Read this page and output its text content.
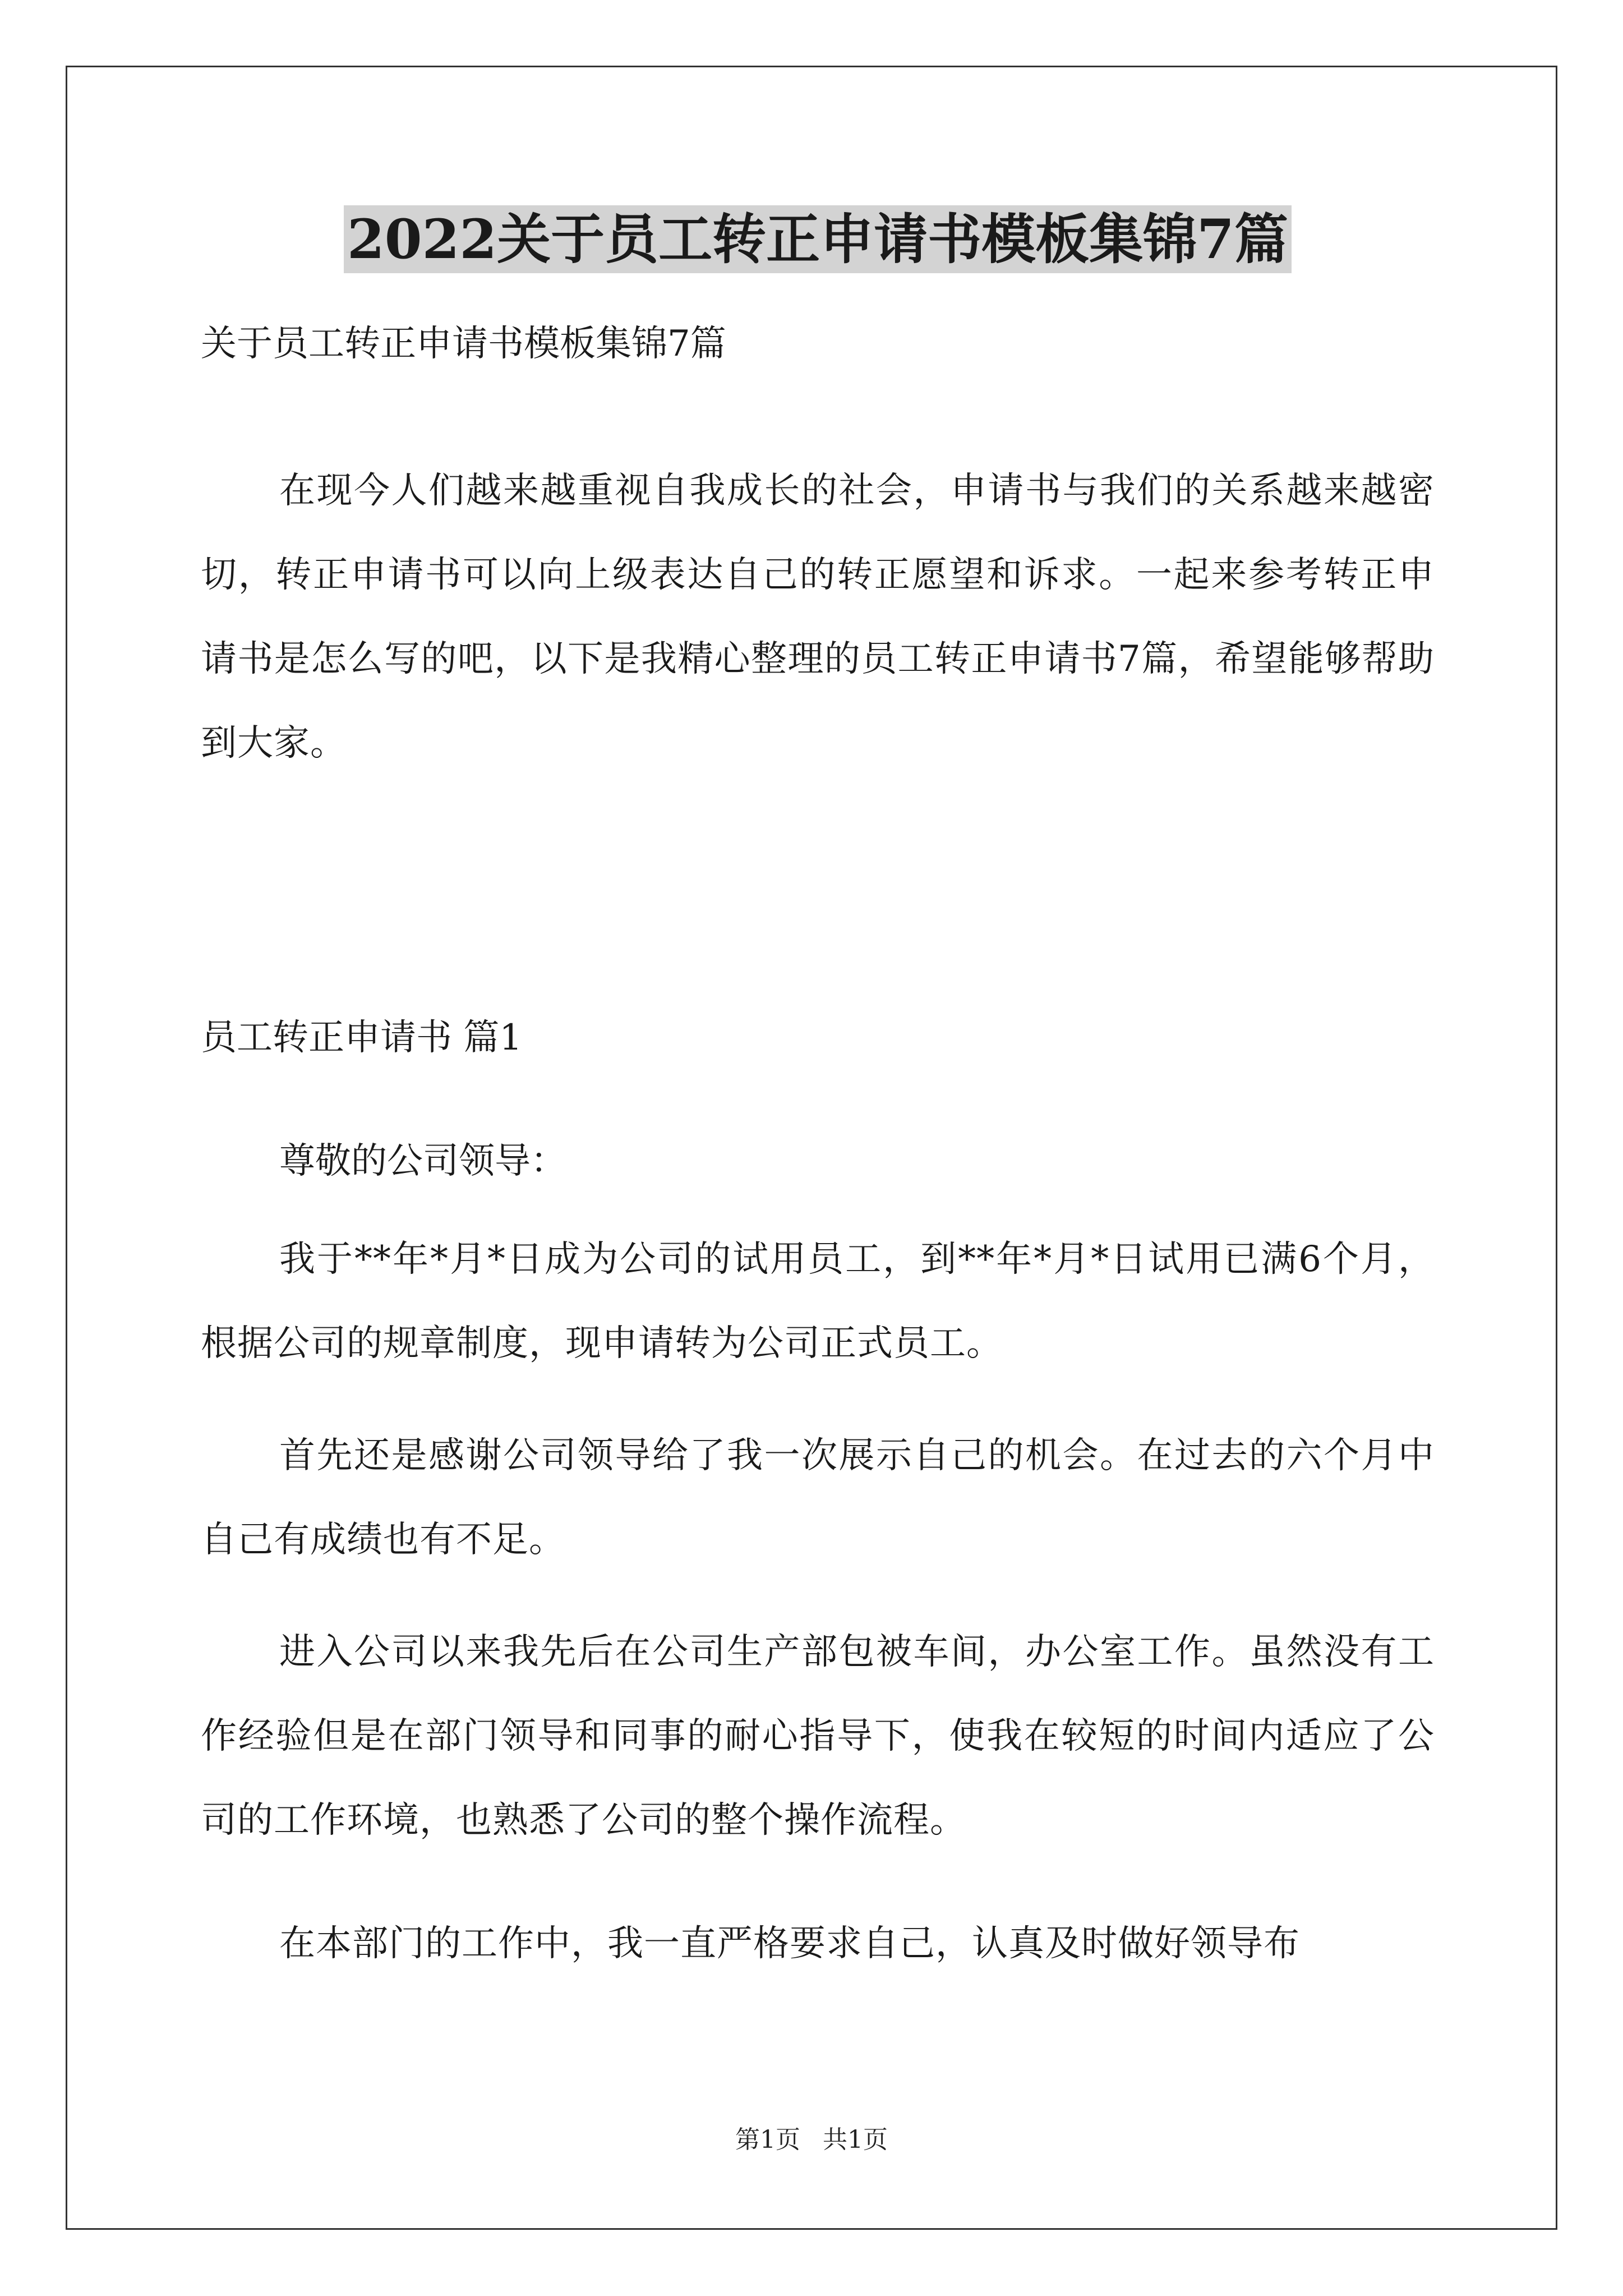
2022关于员工转正申请书模板集锦7篇

关于员工转正申请书模板集锦7篇

在现今人们越来越重视自我成长的社会，申请书与我们的关系越来越密切，转正申请书可以向上级表达自己的转正愿望和诉求。一起来参考转正申请书是怎么写的吧，以下是我精心整理的员工转正申请书7篇，希望能够帮助到大家。

员工转正申请书 篇1

尊敬的公司领导：

我于**年*月*日成为公司的试用员工，到**年*月*日试用已满6个月，根据公司的规章制度，现申请转为公司正式员工。

首先还是感谢公司领导给了我一次展示自己的机会。在过去的六个月中自己有成绩也有不足。

进入公司以来我先后在公司生产部包被车间，办公室工作。虽然没有工作经验但是在部门领导和同事的耐心指导下，使我在较短的时间内适应了公司的工作环境，也熟悉了公司的整个操作流程。

在本部门的工作中，我一直严格要求自己，认真及时做好领导布

第1页 共1页
